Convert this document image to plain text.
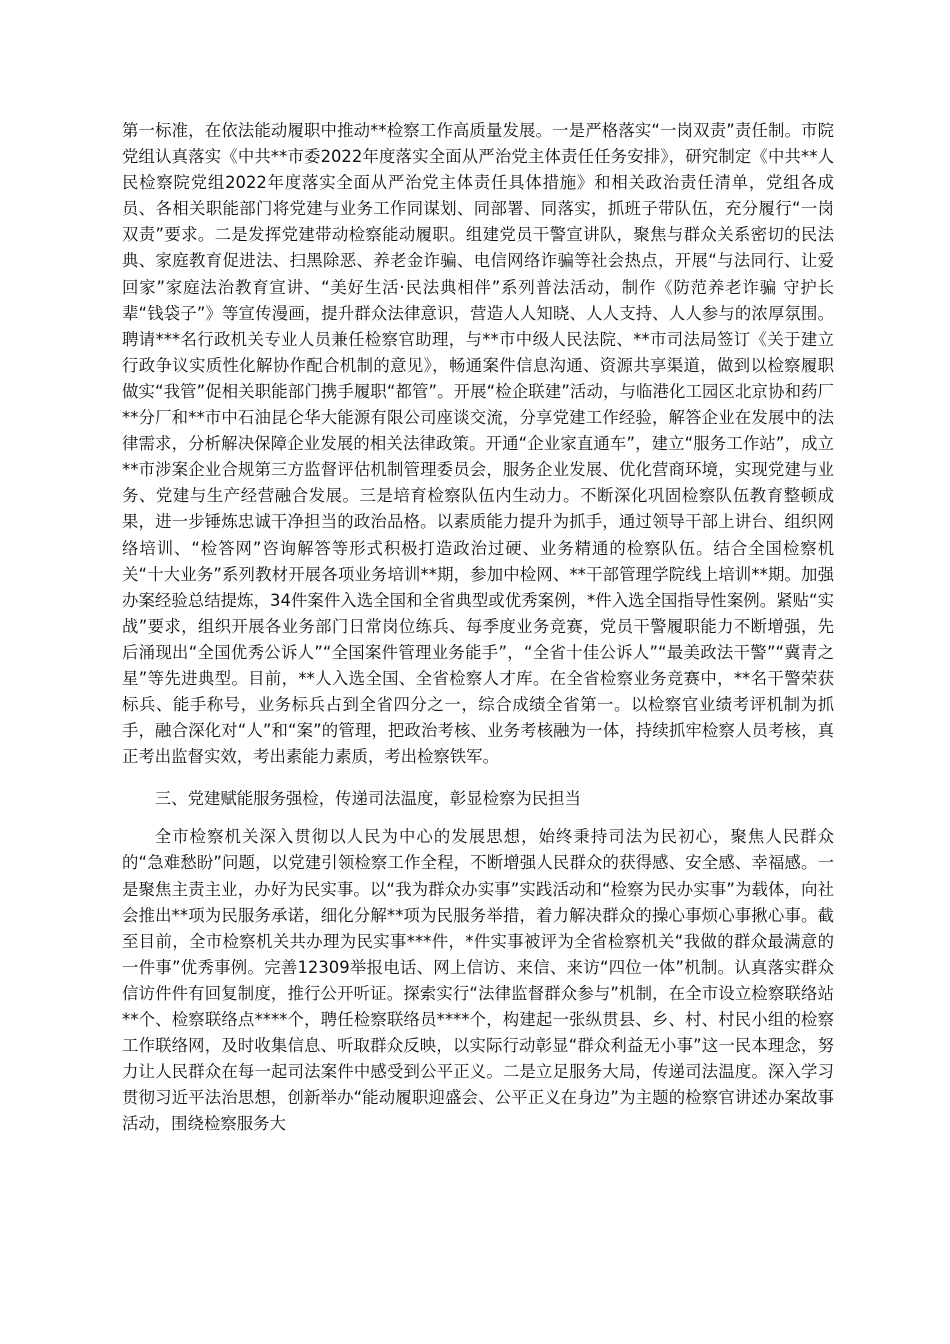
第一标准，在依法能动履职中推动**检察工作高质量发展。一是严格落实“一岗双责”责任制。市院党组认真落实《中共**市委2022年度落实全面从严治党主体责任任务安排》，研究制定《中共**人民检察院党组2022年度落实全面从严治党主体责任具体措施》和相关政治责任清单，党组各成员、各相关职能部门将党建与业务工作同谋划、同部署、同落实，抓班子带队伍，充分履行“一岗双责”要求。二是发挥党建带动检察能动履职。组建党员干警宣讲队，聚焦与群众关系密切的民法典、家庭教育促进法、扫黑除恶、养老金诈骗、电信网络诈骗等社会热点，开展“与法同行、让爱回家”家庭法治教育宣讲、“美好生活·民法典相伴”系列普法活动，制作《防范养老诈骗 守护长辈“钱袋子”》等宣传漫画，提升群众法律意识，营造人人知晓、人人支持、人人参与的浓厚氛围。聘请***名行政机关专业人员兼任检察官助理，与**市中级人民法院、**市司法局签订《关于建立行政争议实质性化解协作配合机制的意见》，畅通案件信息沟通、资源共享渠道，做到以检察履职做实“我管”促相关职能部门携手履职“都管”。开展“检企联建”活动，与临港化工园区北京协和药厂**分厂和**市中石油昆仑华大能源有限公司座谈交流，分享党建工作经验，解答企业在发展中的法律需求，分析解决保障企业发展的相关法律政策。开通“企业家直通车”，建立“服务工作站”，成立**市涉案企业合规第三方监督评估机制管理委员会，服务企业发展、优化营商环境，实现党建与业务、党建与生产经营融合发展。三是培育检察队伍内生动力。不断深化巩固检察队伍教育整顿成果，进一步锤炼忠诚干净担当的政治品格。以素质能力提升为抓手，通过领导干部上讲台、组织网络培训、“检答网”咨询解答等形式积极打造政治过硬、业务精通的检察队伍。结合全国检察机关“十大业务”系列教材开展各项业务培训**期，参加中检网、**干部管理学院线上培训**期。加强办案经验总结提炼，34件案件入选全国和全省典型或优秀案例，*件入选全国指导性案例。紧贴“实战”要求，组织开展各业务部门日常岗位练兵、每季度业务竞赛，党员干警履职能力不断增强，先后涌现出“全国优秀公诉人”“全国案件管理业务能手”，“全省十佳公诉人”“最美政法干警”“冀青之星”等先进典型。目前，**人入选全国、全省检察人才库。在全省检察业务竞赛中，**名干警荣获标兵、能手称号，业务标兵占到全省四分之一，综合成绩全省第一。以检察官业绩考评机制为抓手，融合深化对“人”和“案”的管理，把政治考核、业务考核融为一体，持续抓牢检察人员考核，真正考出监督实效，考出素能力素质，考出检察铁军。

三、党建赋能服务强检，传递司法温度，彰显检察为民担当

全市检察机关深入贯彻以人民为中心的发展思想，始终秉持司法为民初心，聚焦人民群众的“急难愁盼”问题，以党建引领检察工作全程，不断增强人民群众的获得感、安全感、幸福感。一是聚焦主责主业，办好为民实事。以“我为群众办实事”实践活动和“检察为民办实事”为载体，向社会推出**项为民服务承诺，细化分解**项为民服务举措，着力解决群众的操心事烦心事揪心事。截至目前，全市检察机关共办理为民实事***件，*件实事被评为全省检察机关“我做的群众最满意的一件事”优秀事例。完善12309举报电话、网上信访、来信、来访“四位一体”机制。认真落实群众信访件件有回复制度，推行公开听证。探索实行“法律监督群众参与”机制，在全市设立检察联络站**个、检察联络点****个，聘任检察联络员****个，构建起一张纵贯县、乡、村、村民小组的检察工作联络网，及时收集信息、听取群众反映，以实际行动彰显“群众利益无小事”这一民本理念，努力让人民群众在每一起司法案件中感受到公平正义。二是立足服务大局，传递司法温度。深入学习贯彻习近平法治思想，创新举办“能动履职迎盛会、公平正义在身边”为主题的检察官讲述办案故事活动，围绕检察服务大
